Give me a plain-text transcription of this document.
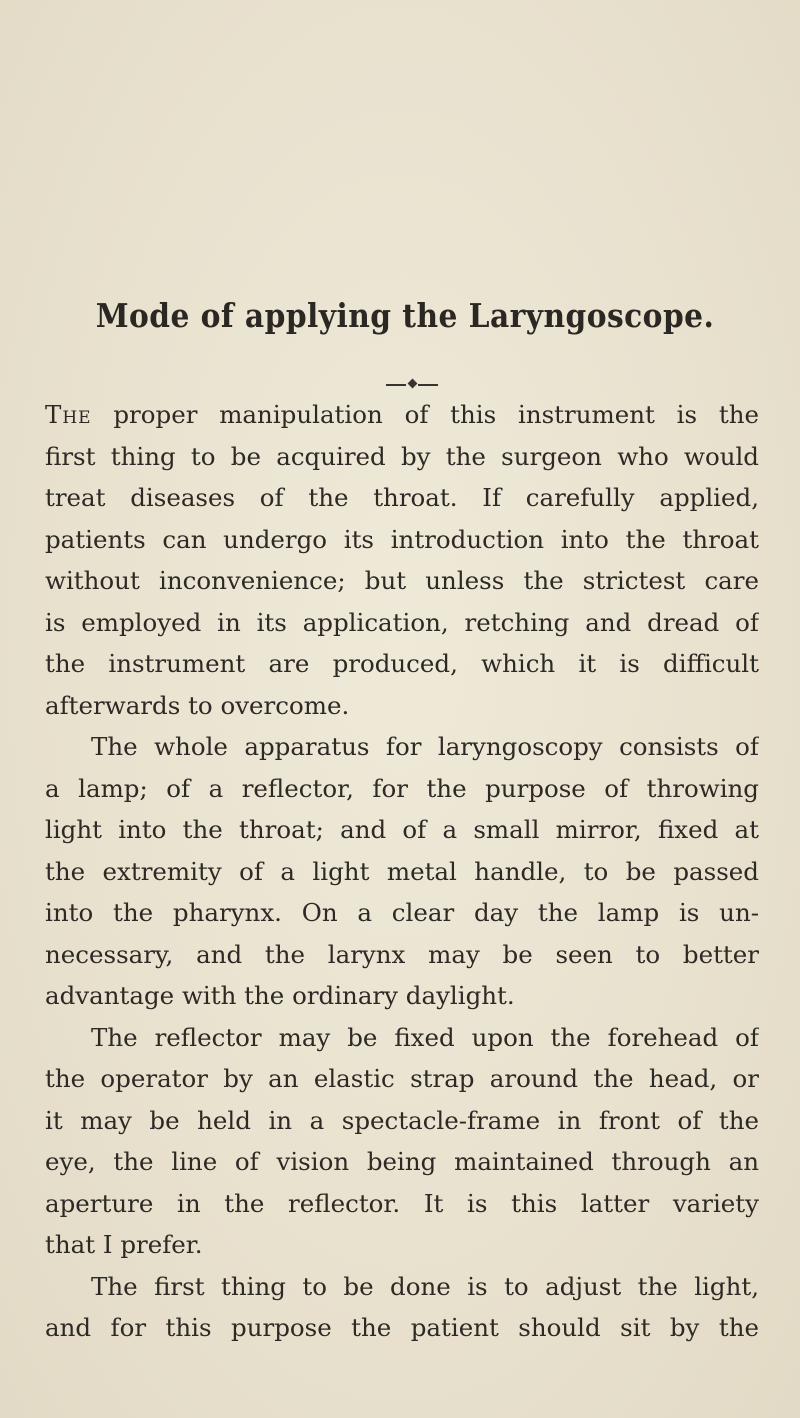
Mode of applying the Laryngoscope.
The proper manipulation of this instrument is the
first thing to be acquired by the surgeon who would
treat diseases of the throat. If carefully applied,
patients can undergo its introduction into the throat
without inconvenience; but unless the strictest care
is employed in its application, retching and dread of
the instrument are produced, which it is difficult
afterwards to overcome.
The whole apparatus for laryngoscopy consists of
a lamp; of a reflector, for the purpose of throwing
light into the throat; and of a small mirror, fixed at
the extremity of a light metal handle, to be passed
into the pharynx. On a clear day the lamp is un-
necessary, and the larynx may be seen to better
advantage with the ordinary daylight.
The reflector may be fixed upon the forehead of
the operator by an elastic strap around the head, or
it may be held in a spectacle-frame in front of the
eye, the line of vision being maintained through an
aperture in the reflector. It is this latter variety
that I prefer.
The first thing to be done is to adjust the light,
and for this purpose the patient should sit by the
